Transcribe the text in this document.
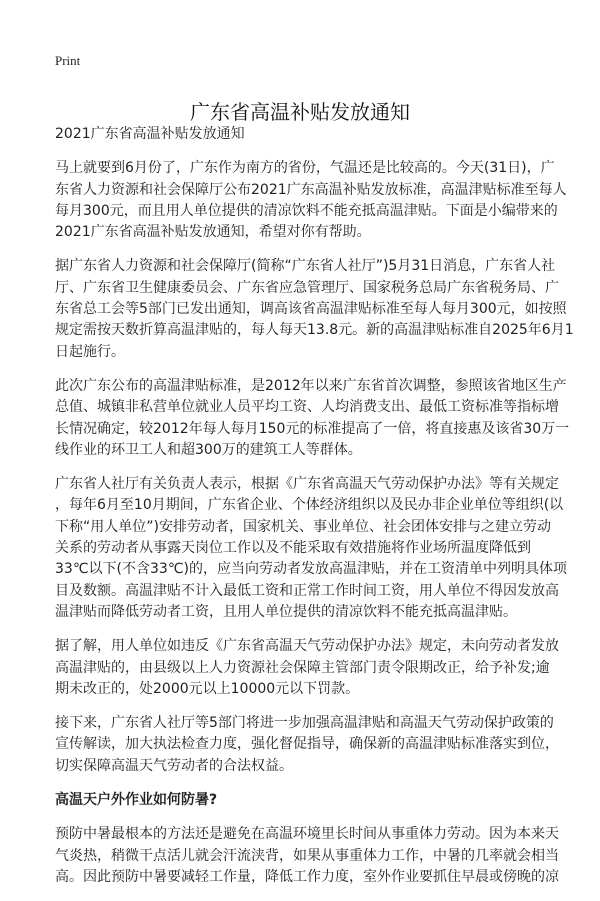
Print
广东省高温补贴发放通知
2021广东省高温补贴发放通知
马上就要到6月份了，广东作为南方的省份，气温还是比较高的。今天(31日)，广
东省人力资源和社会保障厅公布2021广东高温补贴发放标准，高温津贴标准至每人
每月300元，而且用人单位提供的清凉饮料不能充抵高温津贴。下面是小编带来的
2021广东省高温补贴发放通知，希望对你有帮助。
据广东省人力资源和社会保障厅(简称“广东省人社厅”)5月31日消息，广东省人社
厅、广东省卫生健康委员会、广东省应急管理厅、国家税务总局广东省税务局、广
东省总工会等5部门已发出通知，调高该省高温津贴标准至每人每月300元，如按照
规定需按天数折算高温津贴的，每人每天13.8元。新的高温津贴标准自2025年6月1
日起施行。
此次广东公布的高温津贴标准，是2012年以来广东省首次调整，参照该省地区生产
总值、城镇非私营单位就业人员平均工资、人均消费支出、最低工资标准等指标增
长情况确定，较2012年每人每月150元的标准提高了一倍，将直接惠及该省30万一
线作业的环卫工人和超300万的建筑工人等群体。
广东省人社厅有关负责人表示，根据《广东省高温天气劳动保护办法》等有关规定
，每年6月至10月期间，广东省企业、个体经济组织以及民办非企业单位等组织(以
下称“用人单位”)安排劳动者，国家机关、事业单位、社会团体安排与之建立劳动
关系的劳动者从事露天岗位工作以及不能采取有效措施将作业场所温度降低到
33℃以下(不含33℃)的，应当向劳动者发放高温津贴，并在工资清单中列明具体项
目及数额。高温津贴不计入最低工资和正常工作时间工资，用人单位不得因发放高
温津贴而降低劳动者工资，且用人单位提供的清凉饮料不能充抵高温津贴。
据了解，用人单位如违反《广东省高温天气劳动保护办法》规定，未向劳动者发放
高温津贴的，由县级以上人力资源社会保障主管部门责令限期改正，给予补发;逾
期未改正的，处2000元以上10000元以下罚款。
接下来，广东省人社厅等5部门将进一步加强高温津贴和高温天气劳动保护政策的
宣传解读，加大执法检查力度，强化督促指导，确保新的高温津贴标准落实到位，
切实保障高温天气劳动者的合法权益。
高温天户外作业如何防暑?
预防中暑最根本的方法还是避免在高温环境里长时间从事重体力劳动。因为本来天
气炎热，稍微干点活儿就会汗流浃背，如果从事重体力工作，中暑的几率就会相当
高。因此预防中暑要减轻工作量，降低工作力度，室外作业要抓住早晨或傍晚的凉
